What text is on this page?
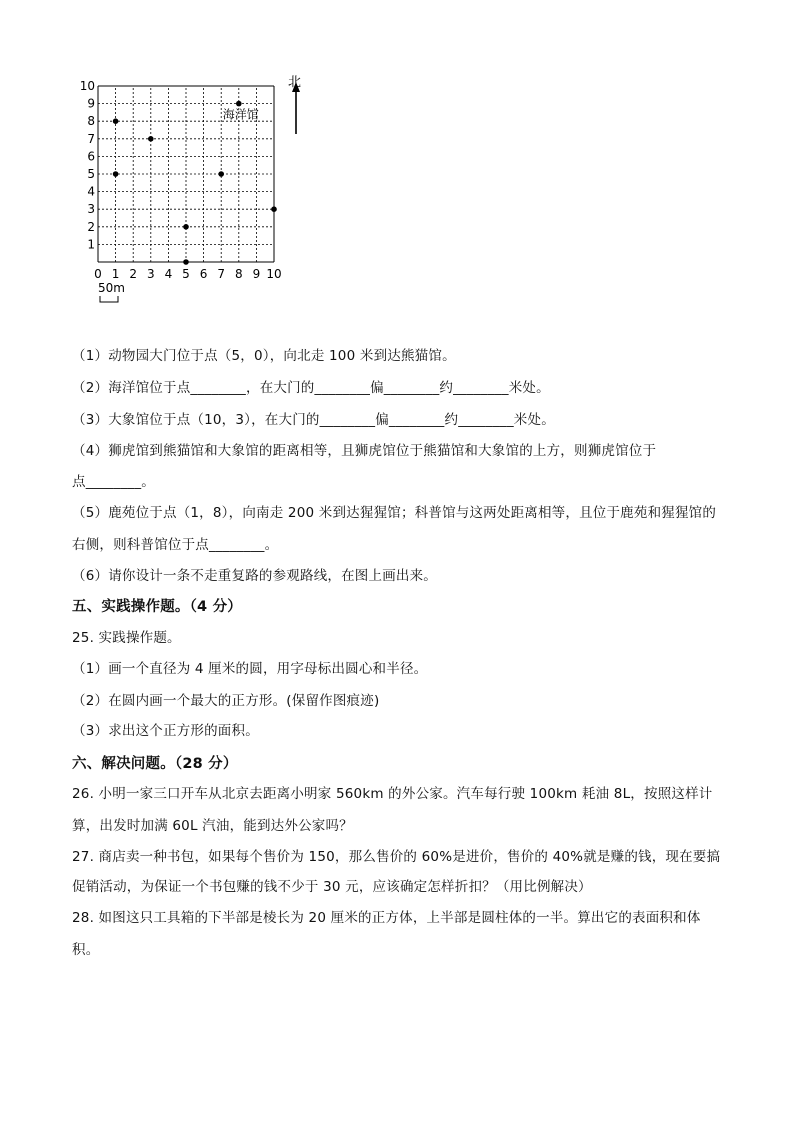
0 1 2 3 4 5 6 7 8 9 10
1
2
3
4
5
6
7
8
9
10
海洋馆
北
50m
（1）动物园大门位于点（5，0），向北走 100 米到达熊猫馆。
（2）海洋馆位于点________，在大门的________偏________约________米处。
（3）大象馆位于点（10，3），在大门的________偏________约________米处。
（4）狮虎馆到熊猫馆和大象馆的距离相等，且狮虎馆位于熊猫馆和大象馆的上方，则狮虎馆位于
点________。
（5）鹿苑位于点（1，8），向南走 200 米到达猩猩馆；科普馆与这两处距离相等，且位于鹿苑和猩猩馆的
右侧，则科普馆位于点________。
（6）请你设计一条不走重复路的参观路线，在图上画出来。
五、实践操作题。（4 分）
25. 实践操作题。
（1）画一个直径为 4 厘米的圆，用字母标出圆心和半径。
（2）在圆内画一个最大的正方形。(保留作图痕迹)
（3）求出这个正方形的面积。
六、解决问题。（28 分）
26. 小明一家三口开车从北京去距离小明家 560km 的外公家。汽车每行驶 100km 耗油 8L，按照这样计
算，出发时加满 60L 汽油，能到达外公家吗？
27. 商店卖一种书包，如果每个售价为 150，那么售价的 60%是进价，售价的 40%就是赚的钱，现在要搞
促销活动，为保证一个书包赚的钱不少于 30 元，应该确定怎样折扣？（用比例解决）
28. 如图这只工具箱的下半部是棱长为 20 厘米的正方体，上半部是圆柱体的一半。算出它的表面积和体
积。
